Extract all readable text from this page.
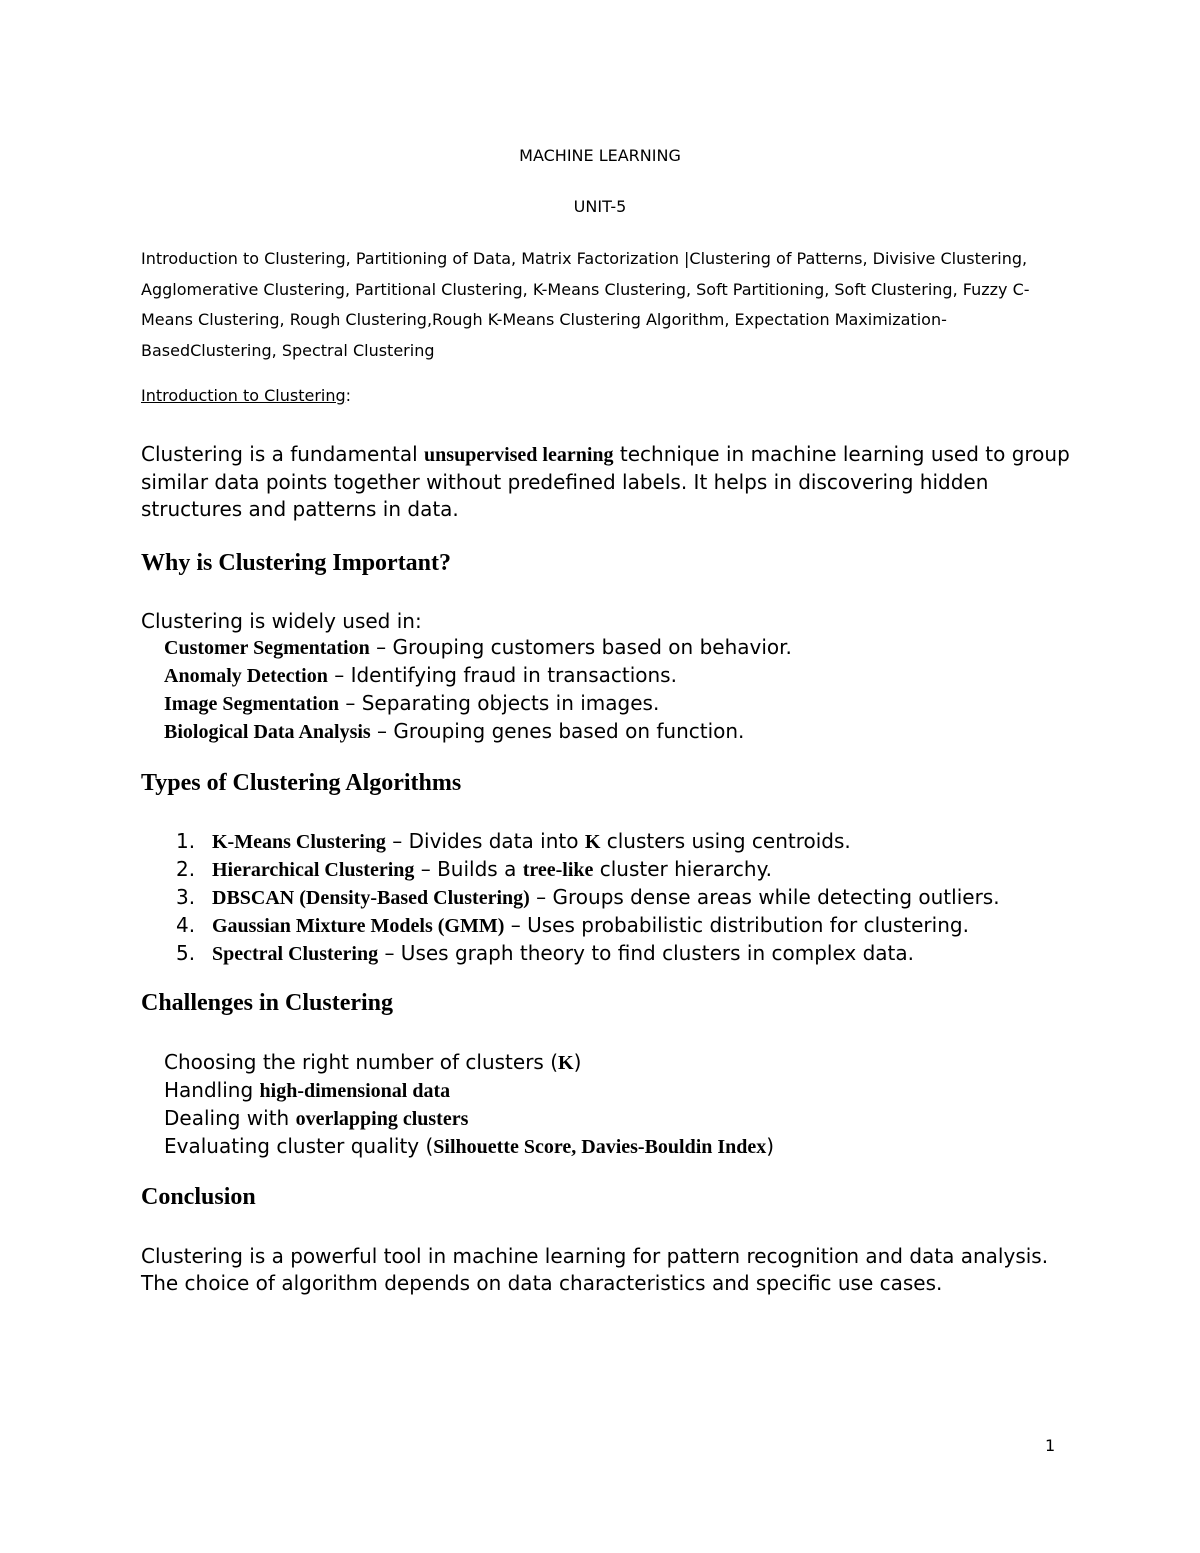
MACHINE LEARNING
UNIT-5
Introduction to Clustering, Partitioning of Data, Matrix Factorization |Clustering of Patterns, Divisive Clustering, Agglomerative Clustering, Partitional Clustering, K-Means Clustering, Soft Partitioning, Soft Clustering, Fuzzy C-Means Clustering, Rough Clustering,Rough K-Means Clustering Algorithm, Expectation Maximization-BasedClustering, Spectral Clustering
Introduction to Clustering:
Clustering is a fundamental unsupervised learning technique in machine learning used to group similar data points together without predefined labels. It helps in discovering hidden structures and patterns in data.
Why is Clustering Important?
Clustering is widely used in:
Customer Segmentation – Grouping customers based on behavior.
Anomaly Detection – Identifying fraud in transactions.
Image Segmentation – Separating objects in images.
Biological Data Analysis – Grouping genes based on function.
Types of Clustering Algorithms
1. K-Means Clustering – Divides data into K clusters using centroids.
2. Hierarchical Clustering – Builds a tree-like cluster hierarchy.
3. DBSCAN (Density-Based Clustering) – Groups dense areas while detecting outliers.
4. Gaussian Mixture Models (GMM) – Uses probabilistic distribution for clustering.
5. Spectral Clustering – Uses graph theory to find clusters in complex data.
Challenges in Clustering
Choosing the right number of clusters (K)
Handling high-dimensional data
Dealing with overlapping clusters
Evaluating cluster quality (Silhouette Score, Davies-Bouldin Index)
Conclusion
Clustering is a powerful tool in machine learning for pattern recognition and data analysis. The choice of algorithm depends on data characteristics and specific use cases.
1
